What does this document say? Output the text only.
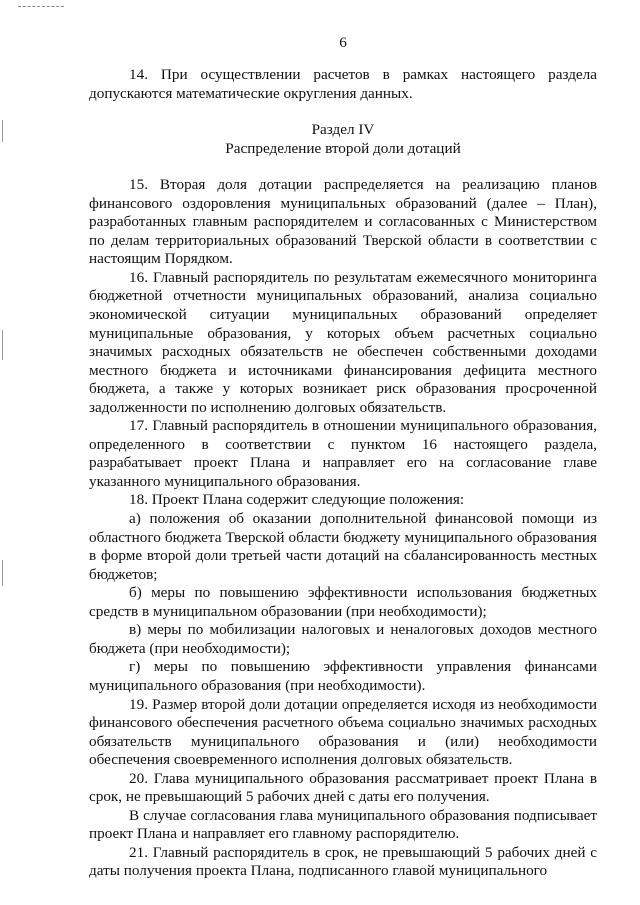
6

14. При осуществлении расчетов в рамках настоящего раздела допускаются математические округления данных.

Раздел IV
Распределение второй доли дотаций

15. Вторая доля дотации распределяется на реализацию планов финансового оздоровления муниципальных образований (далее – План), разработанных главным распорядителем и согласованных с Министерством по делам территориальных образований Тверской области в соответствии с настоящим Порядком.

16. Главный распорядитель по результатам ежемесячного мониторинга бюджетной отчетности муниципальных образований, анализа социально экономической ситуации муниципальных образований определяет муниципальные образования, у которых объем расчетных социально значимых расходных обязательств не обеспечен собственными доходами местного бюджета и источниками финансирования дефицита местного бюджета, а также у которых возникает риск образования просроченной задолженности по исполнению долговых обязательств.

17. Главный распорядитель в отношении муниципального образования, определенного в соответствии с пунктом 16 настоящего раздела, разрабатывает проект Плана и направляет его на согласование главе указанного муниципального образования.

18. Проект Плана содержит следующие положения:

а) положения об оказании дополнительной финансовой помощи из областного бюджета Тверской области бюджету муниципального образования в форме второй доли третьей части дотаций на сбалансированность местных бюджетов;

б) меры по повышению эффективности использования бюджетных средств в муниципальном образовании (при необходимости);

в) меры по мобилизации налоговых и неналоговых доходов местного бюджета (при необходимости);

г) меры по повышению эффективности управления финансами муниципального образования (при необходимости).

19. Размер второй доли дотации определяется исходя из необходимости финансового обеспечения расчетного объема социально значимых расходных обязательств муниципального образования и (или) необходимости обеспечения своевременного исполнения долговых обязательств.

20. Глава муниципального образования рассматривает проект Плана в срок, не превышающий 5 рабочих дней с даты его получения.

В случае согласования глава муниципального образования подписывает проект Плана и направляет его главному распорядителю.

21. Главный распорядитель в срок, не превышающий 5 рабочих дней с даты получения проекта Плана, подписанного главой муниципального
